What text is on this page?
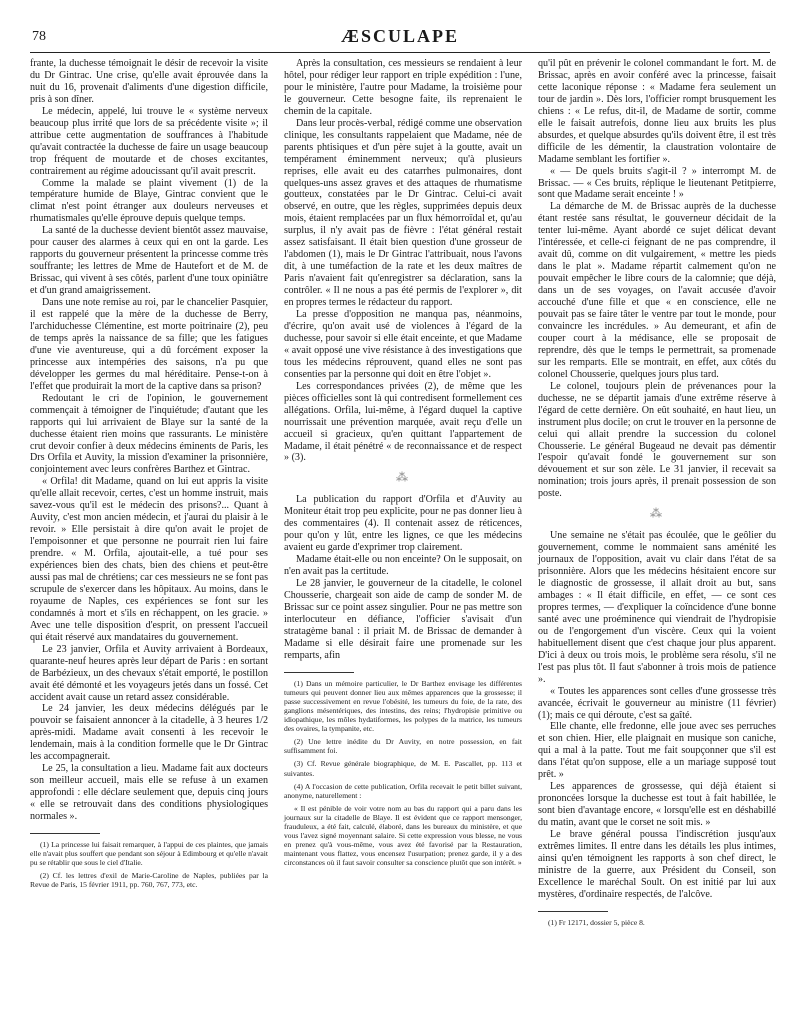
78	ÆSCULAPE

frante, la duchesse témoignait le désir de recevoir la visite du Dr Gintrac. Une crise, qu'elle avait éprouvée dans la nuit du 16, provenait d'aliments d'une digestion difficile, pris à son dîner.

Le médecin, appelé, lui trouve le « système nerveux beaucoup plus irrité que lors de sa précédente visite »; il attribue cette augmentation de souffrances à l'habitude qu'avait contractée la duchesse de faire un usage beaucoup trop fréquent de moutarde et de choses excitantes, contrairement au régime adoucissant qu'il avait prescrit.

Comme la malade se plaint vivement (1) de la température humide de Blaye, Gintrac convient que le climat n'est point étranger aux douleurs nerveuses et rhumatismales qu'elle éprouve depuis quelque temps.

La santé de la duchesse devient bientôt assez mauvaise, pour causer des alarmes à ceux qui en ont la garde. Les rapports du gouverneur présentent la princesse comme très souffrante; les lettres de Mme de Hautefort et de M. de Brissac, qui vivent à ses côtés, parlent d'une toux opiniâtre et d'un grand amaigrissement.

Dans une note remise au roi, par le chancelier Pasquier, il est rappelé que la mère de la duchesse de Berry, l'archiduchesse Clémentine, est morte poitrinaire (2), peu de temps après la naissance de sa fille; que les fatigues d'une vie aventureuse, qui a dû forcément exposer la princesse aux intempéries des saisons, n'a pu que développer les germes du mal héréditaire. Pense-t-on à l'effet que produirait la mort de la captive dans sa prison?

Redoutant le cri de l'opinion, le gouvernement commençait à témoigner de l'inquiétude; d'autant que les rapports qui lui arrivaient de Blaye sur la santé de la duchesse étaient rien moins que rassurants. Le ministère crut devoir confier à deux médecins éminents de Paris, les Drs Orfila et Auvity, la mission d'examiner la prisonnière, conjointement avec leurs confrères Barthez et Gintrac.

« Orfila! dit Madame, quand on lui eut appris la visite qu'elle allait recevoir, certes, c'est un homme instruit, mais savez-vous qu'il est le médecin des prisons?... Quant à Auvity, c'est mon ancien médecin, et j'aurai du plaisir à le revoir. » Elle persistait à dire qu'on avait le projet de l'empoisonner et que personne ne pourrait rien lui faire prendre. « M. Orfila, ajoutait-elle, a tué pour ses expériences bien des chats, bien des chiens et peut-être aussi pas mal de chrétiens; car ces messieurs ne se font pas scrupule de s'exercer dans les hôpitaux. Au moins, dans le royaume de Naples, ces expériences se font sur les condamnés à mort et s'ils en réchappent, on les gracie. » Avec une telle disposition d'esprit, on pressent l'accueil qui était réservé aux mandataires du gouvernement.

Le 23 janvier, Orfila et Auvity arrivaient à Bordeaux, quarante-neuf heures après leur départ de Paris : en sortant de Barbézieux, un des chevaux s'était emporté, le postillon avait été démonté et les voyageurs jetés dans un fossé. Cet accident avait cause un retard assez considérable.

Le 24 janvier, les deux médecins délégués par le pouvoir se faisaient annoncer à la citadelle, à 3 heures 1/2 après-midi. Madame avait consenti à les recevoir le lendemain, mais à la condition formelle que le Dr Gintrac les accompagnerait.

Le 25, la consultation a lieu. Madame fait aux docteurs son meilleur accueil, mais elle se refuse à un examen approfondi : elle déclare seulement que, depuis cinq jours « elle se retrouvait dans des conditions physiologiques normales ».

(1) La princesse lui faisait remarquer, à l'appui de ces plaintes, que jamais elle n'avait plus souffert que pendant son séjour à Edimbourg et qu'elle n'avait pu se rétablir que sous le ciel d'Italie.

(2) Cf. les lettres d'exil de Marie-Caroline de Naples, publiées par la Revue de Paris, 15 février 1911, pp. 760, 767, 773, etc.

Après la consultation, ces messieurs se rendaient à leur hôtel, pour rédiger leur rapport en triple expédition : l'une, pour le ministère, l'autre pour Madame, la troisième pour le gouverneur. Cette besogne faite, ils reprenaient le chemin de la capitale.

Dans leur procès-verbal, rédigé comme une observation clinique, les consultants rappelaient que Madame, née de parents phtisiques et d'un père sujet à la goutte, avait un tempérament éminemment nerveux; qu'à plusieurs reprises, elle avait eu des catarrhes pulmonaires, dont quelques-uns assez graves et des attaques de rhumatisme goutteux, constatées par le Dr Gintrac. Celui-ci avait observé, en outre, que les règles, supprimées depuis deux mois, étaient remplacées par un flux hémorroïdal et, qu'au surplus, il n'y avait pas de fièvre : l'état général restait assez satisfaisant. Il était bien question d'une grosseur de l'abdomen (1), mais le Dr Gintrac l'attribuait, nous l'avons dit, à une tuméfaction de la rate et les deux maîtres de Paris n'avaient fait qu'enregistrer sa déclaration, sans la contrôler. « Il ne nous a pas été permis de l'explorer », dit en propres termes le rédacteur du rapport.

La presse d'opposition ne manqua pas, néanmoins, d'écrire, qu'on avait usé de violences à l'égard de la duchesse, pour savoir si elle était enceinte, et que Madame « avait opposé une vive résistance à des investigations que tous les médecins réprouvent, quand elles ne sont pas consenties par la personne qui doit en être l'objet ».

Les correspondances privées (2), de même que les pièces officielles sont là qui contredisent formellement ces allégations. Orfila, lui-même, à l'égard duquel la captive nourrissait une prévention marquée, avait reçu d'elle un accueil si gracieux, qu'en quittant l'appartement de Madame, il était pénétré « de reconnaissance et de respect » (3).

⁂

La publication du rapport d'Orfila et d'Auvity au Moniteur était trop peu explicite, pour ne pas donner lieu à des commentaires (4). Il contenait assez de réticences, pour qu'on y lût, entre les lignes, ce que les médecins avaient eu garde d'exprimer trop clairement.

Madame était-elle ou non enceinte? On le supposait, on n'en avait pas la certitude.

Le 28 janvier, le gouverneur de la citadelle, le colonel Chousserie, chargeait son aide de camp de sonder M. de Brissac sur ce point assez singulier. Pour ne pas mettre son interlocuteur en défiance, l'officier s'avisait d'un stratagème banal : il priait M. de Brissac de demander à Madame si elle désirait faire une promenade sur les remparts, afin

(1) Dans un mémoire particulier, le Dr Barthez envisage les différentes tumeurs qui peuvent donner lieu aux mêmes apparences que la grossesse; il passe successivement en revue l'obésité, les tumeurs du foie, de la rate, des ganglions mésentériques, des intestins, des reins; l'hydropisie primitive ou idiopathique, les môles hydatiformes, les polypes de la matrice, les tumeurs des ovaires, la tympanite, etc.

(2) Une lettre inédite du Dr Auvity, en notre possession, en fait suffisamment foi.

(3) Cf. Revue générale biographique, de M. E. Pascallet, pp. 113 et suivantes.

(4) A l'occasion de cette publication, Orfila recevait le petit billet suivant, anonyme, naturellement :

« Il est pénible de voir votre nom au bas du rapport qui a paru dans les journaux sur la citadelle de Blaye. Il est évident que ce rapport mensonger, frauduleux, a été fait, calculé, élaboré, dans les bureaux du ministère, et que vous l'avez signé moyennant salaire. Si cette expression vous blesse, ne vous en prenez qu'à vous-même, vous avez été favorisé par la Restauration, maintenant vous flattez, vous encensez l'usurpation; prenez garde, il y a des circonstances où il faut savoir consulter sa conscience plutôt que son intérêt. »

qu'il pût en prévenir le colonel commandant le fort. M. de Brissac, après en avoir conféré avec la princesse, faisait cette laconique réponse : « Madame fera seulement un tour de jardin ». Dès lors, l'officier rompt brusquement les chiens : « Le refus, dit-il, de Madame de sortir, comme elle le faisait autrefois, donne lieu aux bruits les plus absurdes, et quelque absurdes qu'ils doivent être, il est très difficile de les démentir, la claustration volontaire de Madame semblant les fortifier ».

« — De quels bruits s'agit-il ? » interrompt M. de Brissac. — « Ces bruits, réplique le lieutenant Petitpierre, sont que Madame serait enceinte ! »

La démarche de M. de Brissac auprès de la duchesse étant restée sans résultat, le gouverneur décidait de la tenter lui-même. Ayant abordé ce sujet délicat devant l'intéressée, et celle-ci feignant de ne pas comprendre, il avait dû, comme on dit vulgairement, « mettre les pieds dans le plat ». Madame répartit calmement qu'on ne pouvait empêcher le libre cours de la calomnie; que déjà, dans un de ses voyages, on l'avait accusée d'avoir accouché d'une fille et que « en conscience, elle ne pouvait pas se faire tâter le ventre par tout le monde, pour convaincre les incrédules. » Au demeurant, et afin de couper court à la médisance, elle se proposait de reprendre, dès que le temps le permettrait, sa promenade sur les remparts. Elle se montrait, en effet, aux côtés du colonel Chousserie, quelques jours plus tard.

Le colonel, toujours plein de prévenances pour la duchesse, ne se départit jamais d'une extrême réserve à l'égard de cette dernière. On eût souhaité, en haut lieu, un instrument plus docile; on crut le trouver en la personne de celui qui allait prendre la succession du colonel Chousserie. Le général Bugeaud ne devait pas démentir l'espoir qu'avait fondé le gouvernement sur son dévouement et sur son zèle. Le 31 janvier, il recevait sa nomination; trois jours après, il prenait possession de son poste.

⁂

Une semaine ne s'était pas écoulée, que le geôlier du gouvernement, comme le nommaient sans aménité les journaux de l'opposition, avait vu clair dans l'état de sa prisonnière. Alors que les médecins hésitaient encore sur le diagnostic de grossesse, il allait droit au but, sans ambages : « Il était difficile, en effet, — ce sont ces propres termes, — d'expliquer la coïncidence d'une bonne santé avec une proéminence qui viendrait de l'hydropisie ou de l'engorgement d'un viscère. Ceux qui la voient habituellement disent que c'est chaque jour plus apparent. D'ici à deux ou trois mois, le problème sera résolu, s'il ne l'est pas plus tôt. Il faut s'abonner à trois mois de patience ».

« Toutes les apparences sont celles d'une grossesse très avancée, écrivait le gouverneur au ministre (11 février) (1); mais ce qui déroute, c'est sa gaîté.

Elle chante, elle fredonne, elle joue avec ses perruches et son chien. Hier, elle plaignait en musique son caniche, qui a mal à la patte. Tout me fait soupçonner que s'il est dans l'état qu'on suppose, elle a un mariage supposé tout prêt. »

Les apparences de grossesse, qui déjà étaient si prononcées lorsque la duchesse est tout à fait habillée, le sont bien d'avantage encore, « lorsqu'elle est en déshabillé du matin, avant que le corset ne soit mis. »

Le brave général poussa l'indiscrétion jusqu'aux extrêmes limites. Il entre dans les détails les plus intimes, ainsi qu'en témoignent les rapports à son chef direct, le ministre de la guerre, aux Président du Conseil, son Excellence le maréchal Soult. On est initié par lui aux mystères, d'ordinaire respectés, de l'alcôve.

(1) Fr 12171, dossier 5, pièce 8.
